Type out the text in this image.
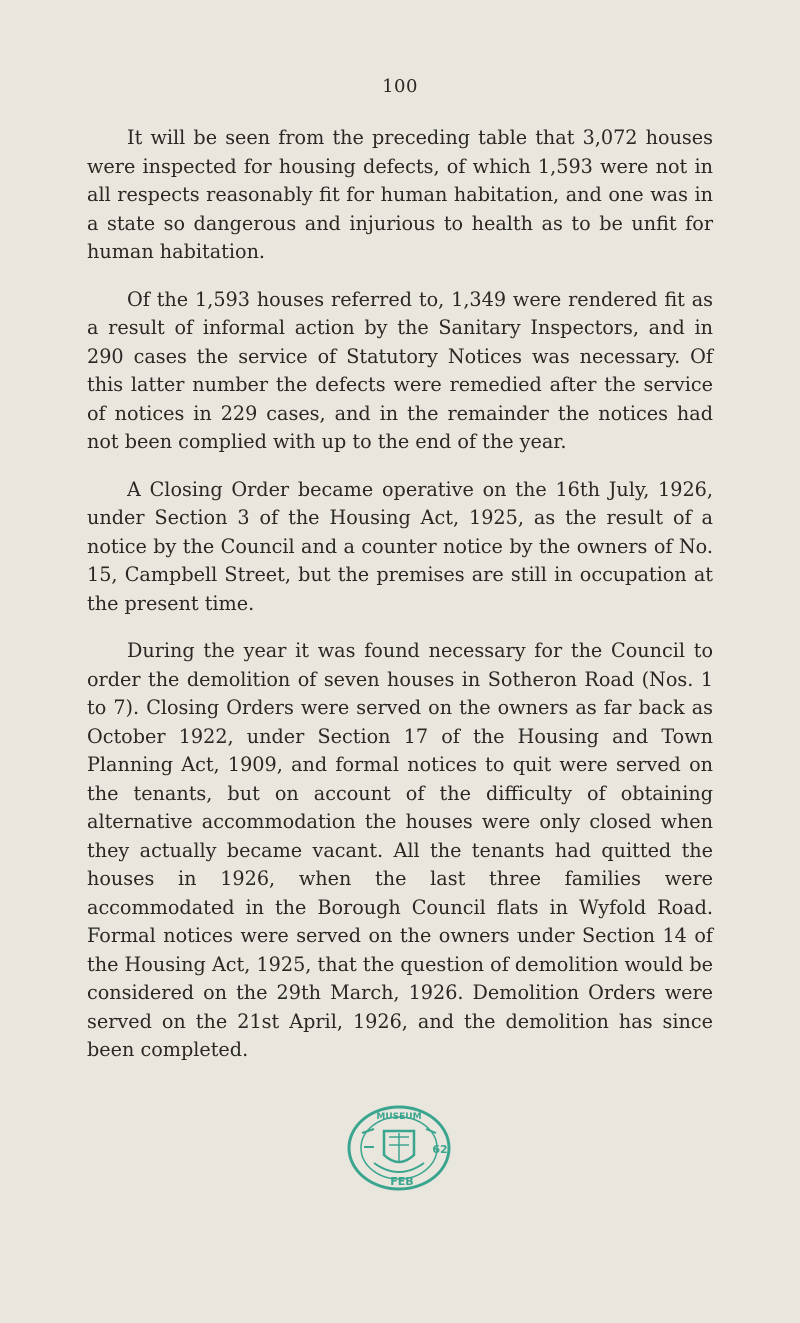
100

It will be seen from the preceding table that 3,072 houses were inspected for housing defects, of which 1,593 were not in all respects reasonably fit for human habitation, and one was in a state so dangerous and injurious to health as to be unfit for human habitation.

Of the 1,593 houses referred to, 1,349 were rendered fit as a result of informal action by the Sanitary Inspectors, and in 290 cases the service of Statutory Notices was necessary. Of this latter number the defects were remedied after the service of notices in 229 cases, and in the remainder the notices had not been complied with up to the end of the year.

A Closing Order became operative on the 16th July, 1926, under Section 3 of the Housing Act, 1925, as the result of a notice by the Council and a counter notice by the owners of No. 15, Campbell Street, but the premises are still in occupation at the present time.

During the year it was found necessary for the Council to order the demolition of seven houses in Sotheron Road (Nos. 1 to 7). Closing Orders were served on the owners as far back as October 1922, under Section 17 of the Housing and Town Planning Act, 1909, and formal notices to quit were served on the tenants, but on account of the difficulty of obtaining alternative accommodation the houses were only closed when they actually became vacant. All the tenants had quitted the houses in 1926, when the last three families were accommodated in the Borough Council flats in Wyfold Road. Formal notices were served on the owners under Section 14 of the Housing Act, 1925, that the question of demolition would be considered on the 29th March, 1926. Demolition Orders were served on the 21st April, 1926, and the demolition has since been completed.

MUSEUM
FEB
62
